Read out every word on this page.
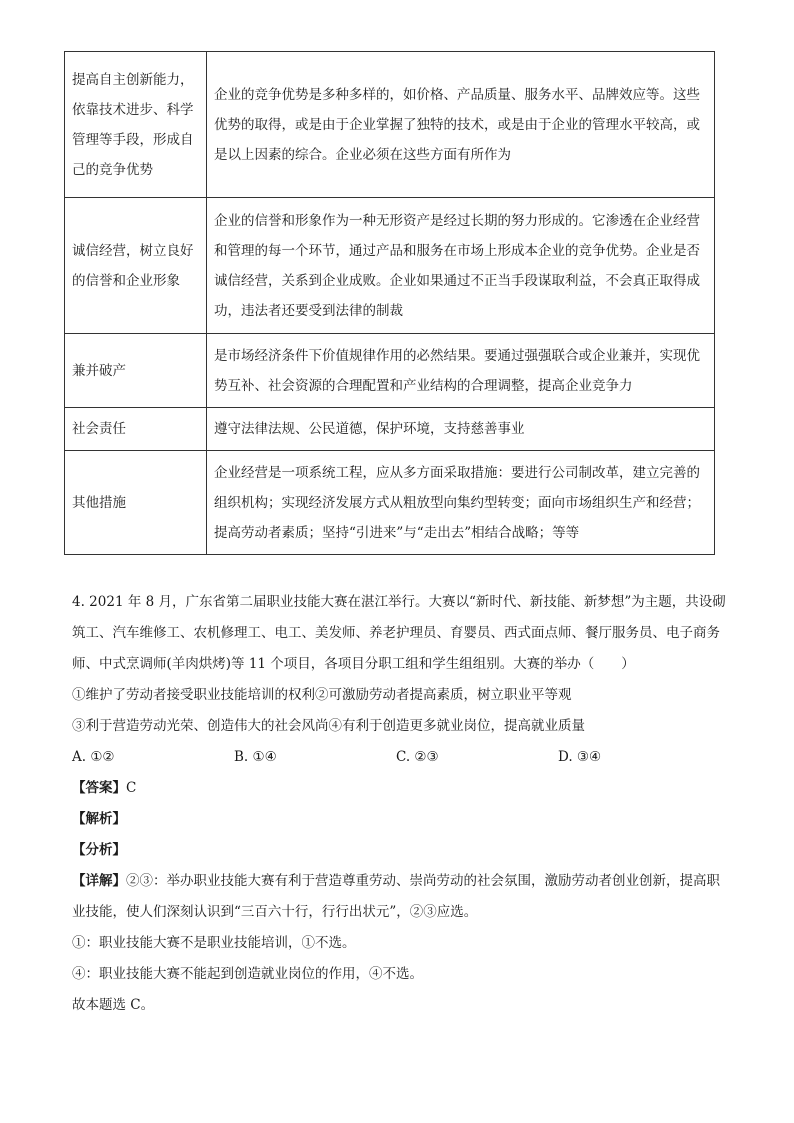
提高自主创新能力，依靠技术进步、科学管理等手段，形成自己的竞争优势	企业的竞争优势是多种多样的，如价格、产品质量、服务水平、品牌效应等。这些优势的取得，或是由于企业掌握了独特的技术，或是由于企业的管理水平较高，或是以上因素的综合。企业必须在这些方面有所作为
诚信经营，树立良好的信誉和企业形象	企业的信誉和形象作为一种无形资产是经过长期的努力形成的。它渗透在企业经营和管理的每一个环节，通过产品和服务在市场上形成本企业的竞争优势。企业是否诚信经营，关系到企业成败。企业如果通过不正当手段谋取利益，不会真正取得成功，违法者还要受到法律的制裁
兼并破产	是市场经济条件下价值规律作用的必然结果。要通过强强联合或企业兼并，实现优势互补、社会资源的合理配置和产业结构的合理调整，提高企业竞争力
社会责任	遵守法律法规、公民道德，保护环境，支持慈善事业
其他措施	企业经营是一项系统工程，应从多方面采取措施：要进行公司制改革，建立完善的组织机构；实现经济发展方式从粗放型向集约型转变；面向市场组织生产和经营；提高劳动者素质；坚持“引进来”与“走出去”相结合战略；等等

4. 2021 年 8 月，广东省第二届职业技能大赛在湛江举行。大赛以“新时代、新技能、新梦想”为主题，共设砌筑工、汽车维修工、农机修理工、电工、美发师、养老护理员、育婴员、西式面点师、餐厅服务员、电子商务师、中式烹调师(羊肉烘烤)等 11 个项目，各项目分职工组和学生组组别。大赛的举办（　　）

①维护了劳动者接受职业技能培训的权利②可激励劳动者提高素质，树立职业平等观

③利于营造劳动光荣、创造伟大的社会风尚④有利于创造更多就业岗位，提高就业质量

A. ①②	B. ①④	C. ②③	D. ③④

【答案】C

【解析】

【分析】

【详解】②③：举办职业技能大赛有利于营造尊重劳动、崇尚劳动的社会氛围，激励劳动者创业创新，提高职业技能，使人们深刻认识到“三百六十行，行行出状元”，②③应选。

①：职业技能大赛不是职业技能培训，①不选。

④：职业技能大赛不能起到创造就业岗位的作用，④不选。

故本题选 C。
